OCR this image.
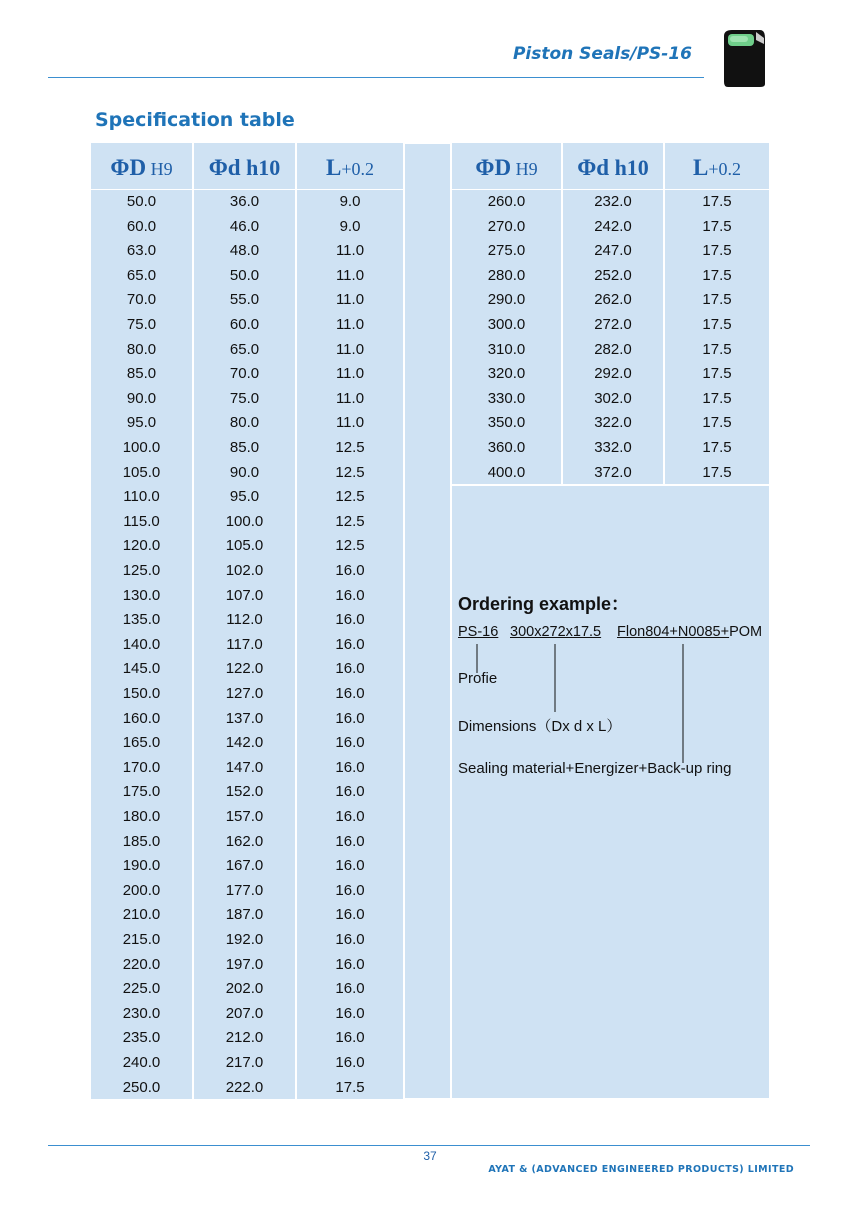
Piston Seals/PS-16
Specification table
ΦD H9	Φd h10	L+0.2	ΦD H9	Φd h10	L+0.2
50.0	36.0	9.0
60.0	46.0	9.0
63.0	48.0	11.0
65.0	50.0	11.0
70.0	55.0	11.0
75.0	60.0	11.0
80.0	65.0	11.0
85.0	70.0	11.0
90.0	75.0	11.0
95.0	80.0	11.0
100.0	85.0	12.5
105.0	90.0	12.5
110.0	95.0	12.5
115.0	100.0	12.5
120.0	105.0	12.5
125.0	102.0	16.0
130.0	107.0	16.0
135.0	112.0	16.0
140.0	117.0	16.0
145.0	122.0	16.0
150.0	127.0	16.0
160.0	137.0	16.0
165.0	142.0	16.0
170.0	147.0	16.0
175.0	152.0	16.0
180.0	157.0	16.0
185.0	162.0	16.0
190.0	167.0	16.0
200.0	177.0	16.0
210.0	187.0	16.0
215.0	192.0	16.0
220.0	197.0	16.0
225.0	202.0	16.0
230.0	207.0	16.0
235.0	212.0	16.0
240.0	217.0	16.0
250.0	222.0	17.5
260.0	232.0	17.5
270.0	242.0	17.5
275.0	247.0	17.5
280.0	252.0	17.5
290.0	262.0	17.5
300.0	272.0	17.5
310.0	282.0	17.5
320.0	292.0	17.5
330.0	302.0	17.5
350.0	322.0	17.5
360.0	332.0	17.5
400.0	372.0	17.5
Ordering example：
PS-16 300x272x17.5 Flon804+N0085+POM
Profie
Dimensions（Dx d x L）
Sealing material+Energizer+Back-up ring
37
AYAT & (ADVANCED ENGINEERED PRODUCTS) LIMITED
